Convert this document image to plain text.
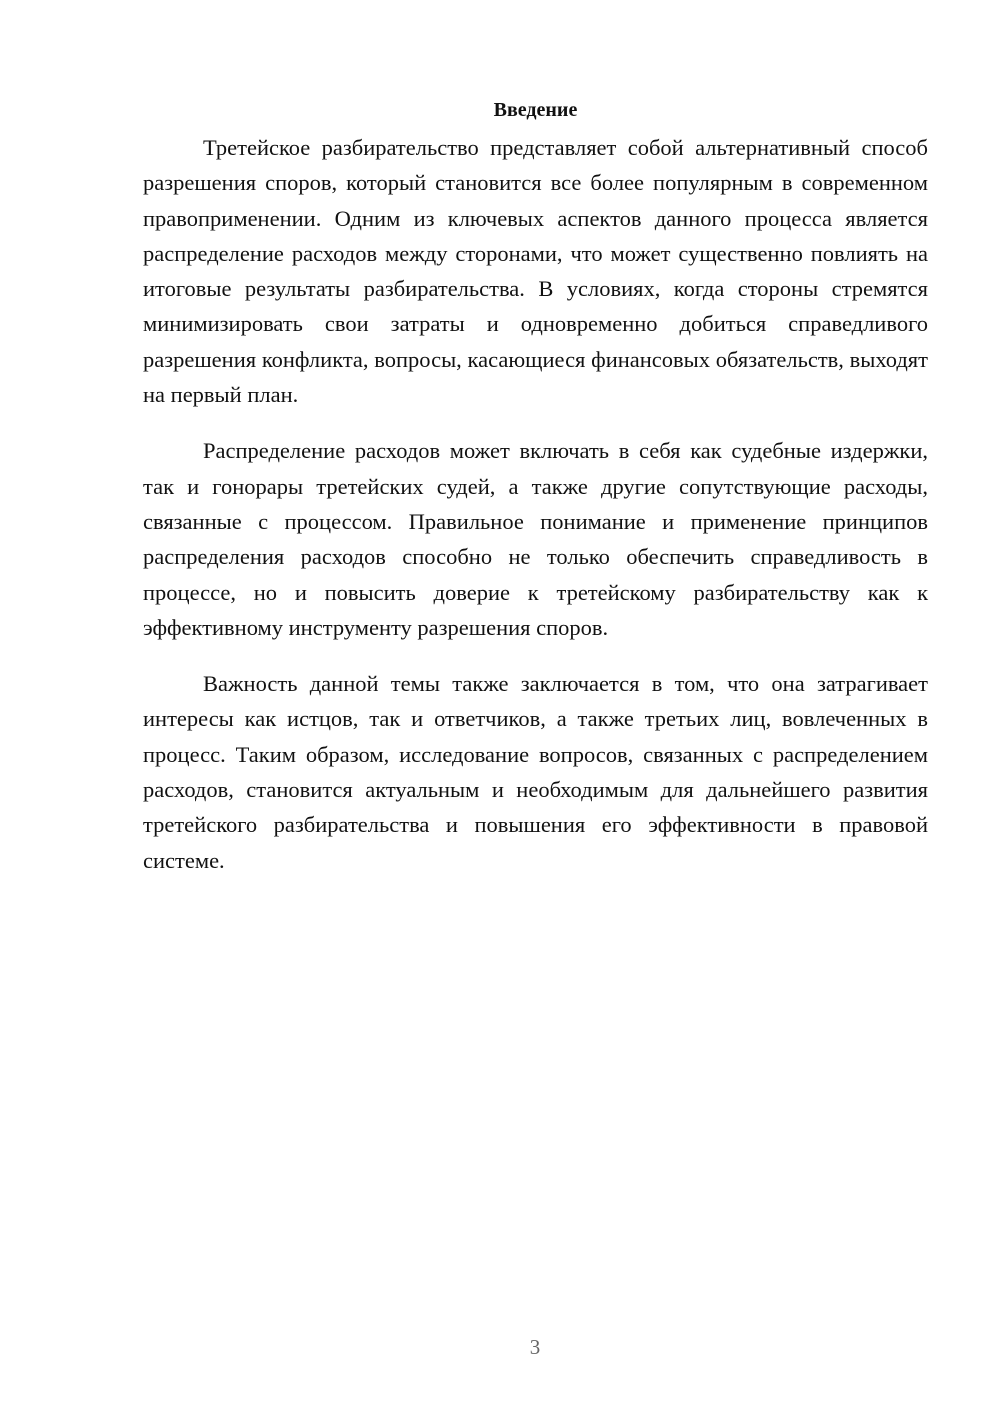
Введение

Третейское разбирательство представляет собой альтернативный способ разрешения споров, который становится все более популярным в современном правоприменении. Одним из ключевых аспектов данного процесса является распределение расходов между сторонами, что может существенно повлиять на итоговые результаты разбирательства. В условиях, когда стороны стремятся минимизировать свои затраты и одновременно добиться справедливого разрешения конфликта, вопросы, касающиеся финансовых обязательств, выходят на первый план.

Распределение расходов может включать в себя как судебные издержки, так и гонорары третейских судей, а также другие сопутствующие расходы, связанные с процессом. Правильное понимание и применение принципов распределения расходов способно не только обеспечить справедливость в процессе, но и повысить доверие к третейскому разбирательству как к эффективному инструменту разрешения споров.

Важность данной темы также заключается в том, что она затрагивает интересы как истцов, так и ответчиков, а также третьих лиц, вовлеченных в процесс. Таким образом, исследование вопросов, связанных с распределением расходов, становится актуальным и необходимым для дальнейшего развития третейского разбирательства и повышения его эффективности в правовой системе.

3
